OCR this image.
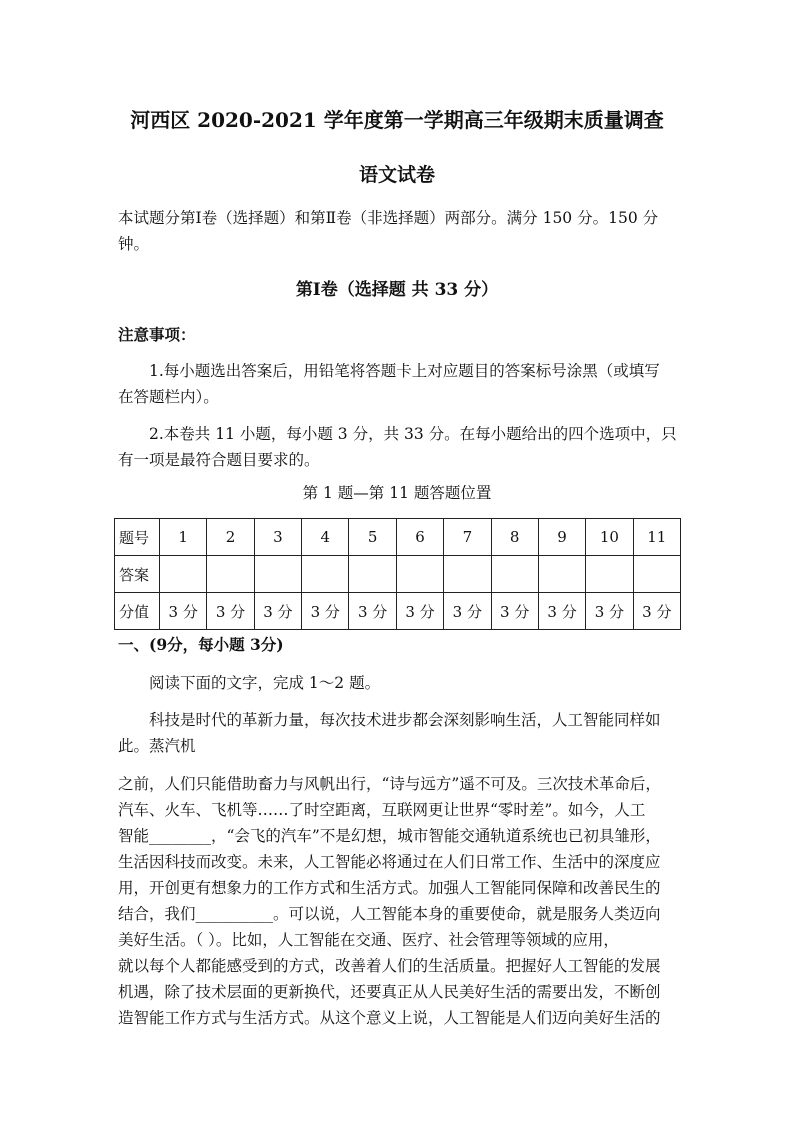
河西区 2020-2021 学年度第一学期高三年级期末质量调查
语文试卷
本试题分第Ⅰ卷（选择题）和第Ⅱ卷（非选择题）两部分。满分 150 分。150 分
钟。
第Ⅰ卷（选择题 共 33 分）
注意事项：
1.每小题选出答案后，用铅笔将答题卡上对应题目的答案标号涂黑（或填写
在答题栏内）。
2.本卷共 11 小题，每小题 3 分，共 33 分。在每小题给出的四个选项中，只
有一项是最符合题目要求的。
第 1 题—第 11 题答题位置
题号	1	2	3	4	5	6	7	8	9	10	11
答案											
分值	3 分	3 分	3 分	3 分	3 分	3 分	3 分	3 分	3 分	3 分	3 分
一、(9分，每小题 3分)
阅读下面的文字，完成 1～2 题。
科技是时代的革新力量，每次技术进步都会深刻影响生活，人工智能同样如
此。蒸汽机
之前，人们只能借助畜力与风帆出行，“诗与远方”遥不可及。三次技术革命后，
汽车、火车、飞机等……了时空距离，互联网更让世界“零时差”。如今，人工
智能________，“会飞的汽车”不是幻想，城市智能交通轨道系统也已初具雏形，
生活因科技而改变。未来，人工智能必将通过在人们日常工作、生活中的深度应
用，开创更有想象力的工作方式和生活方式。加强人工智能同保障和改善民生的
结合，我们__________。可以说，人工智能本身的重要使命，就是服务人类迈向
美好生活。（ ）。比如，人工智能在交通、医疗、社会管理等领域的应用，
就以每个人都能感受到的方式，改善着人们的生活质量。把握好人工智能的发展
机遇，除了技术层面的更新换代，还要真正从人民美好生活的需要出发，不断创
造智能工作方式与生活方式。从这个意义上说，人工智能是人们迈向美好生活的
